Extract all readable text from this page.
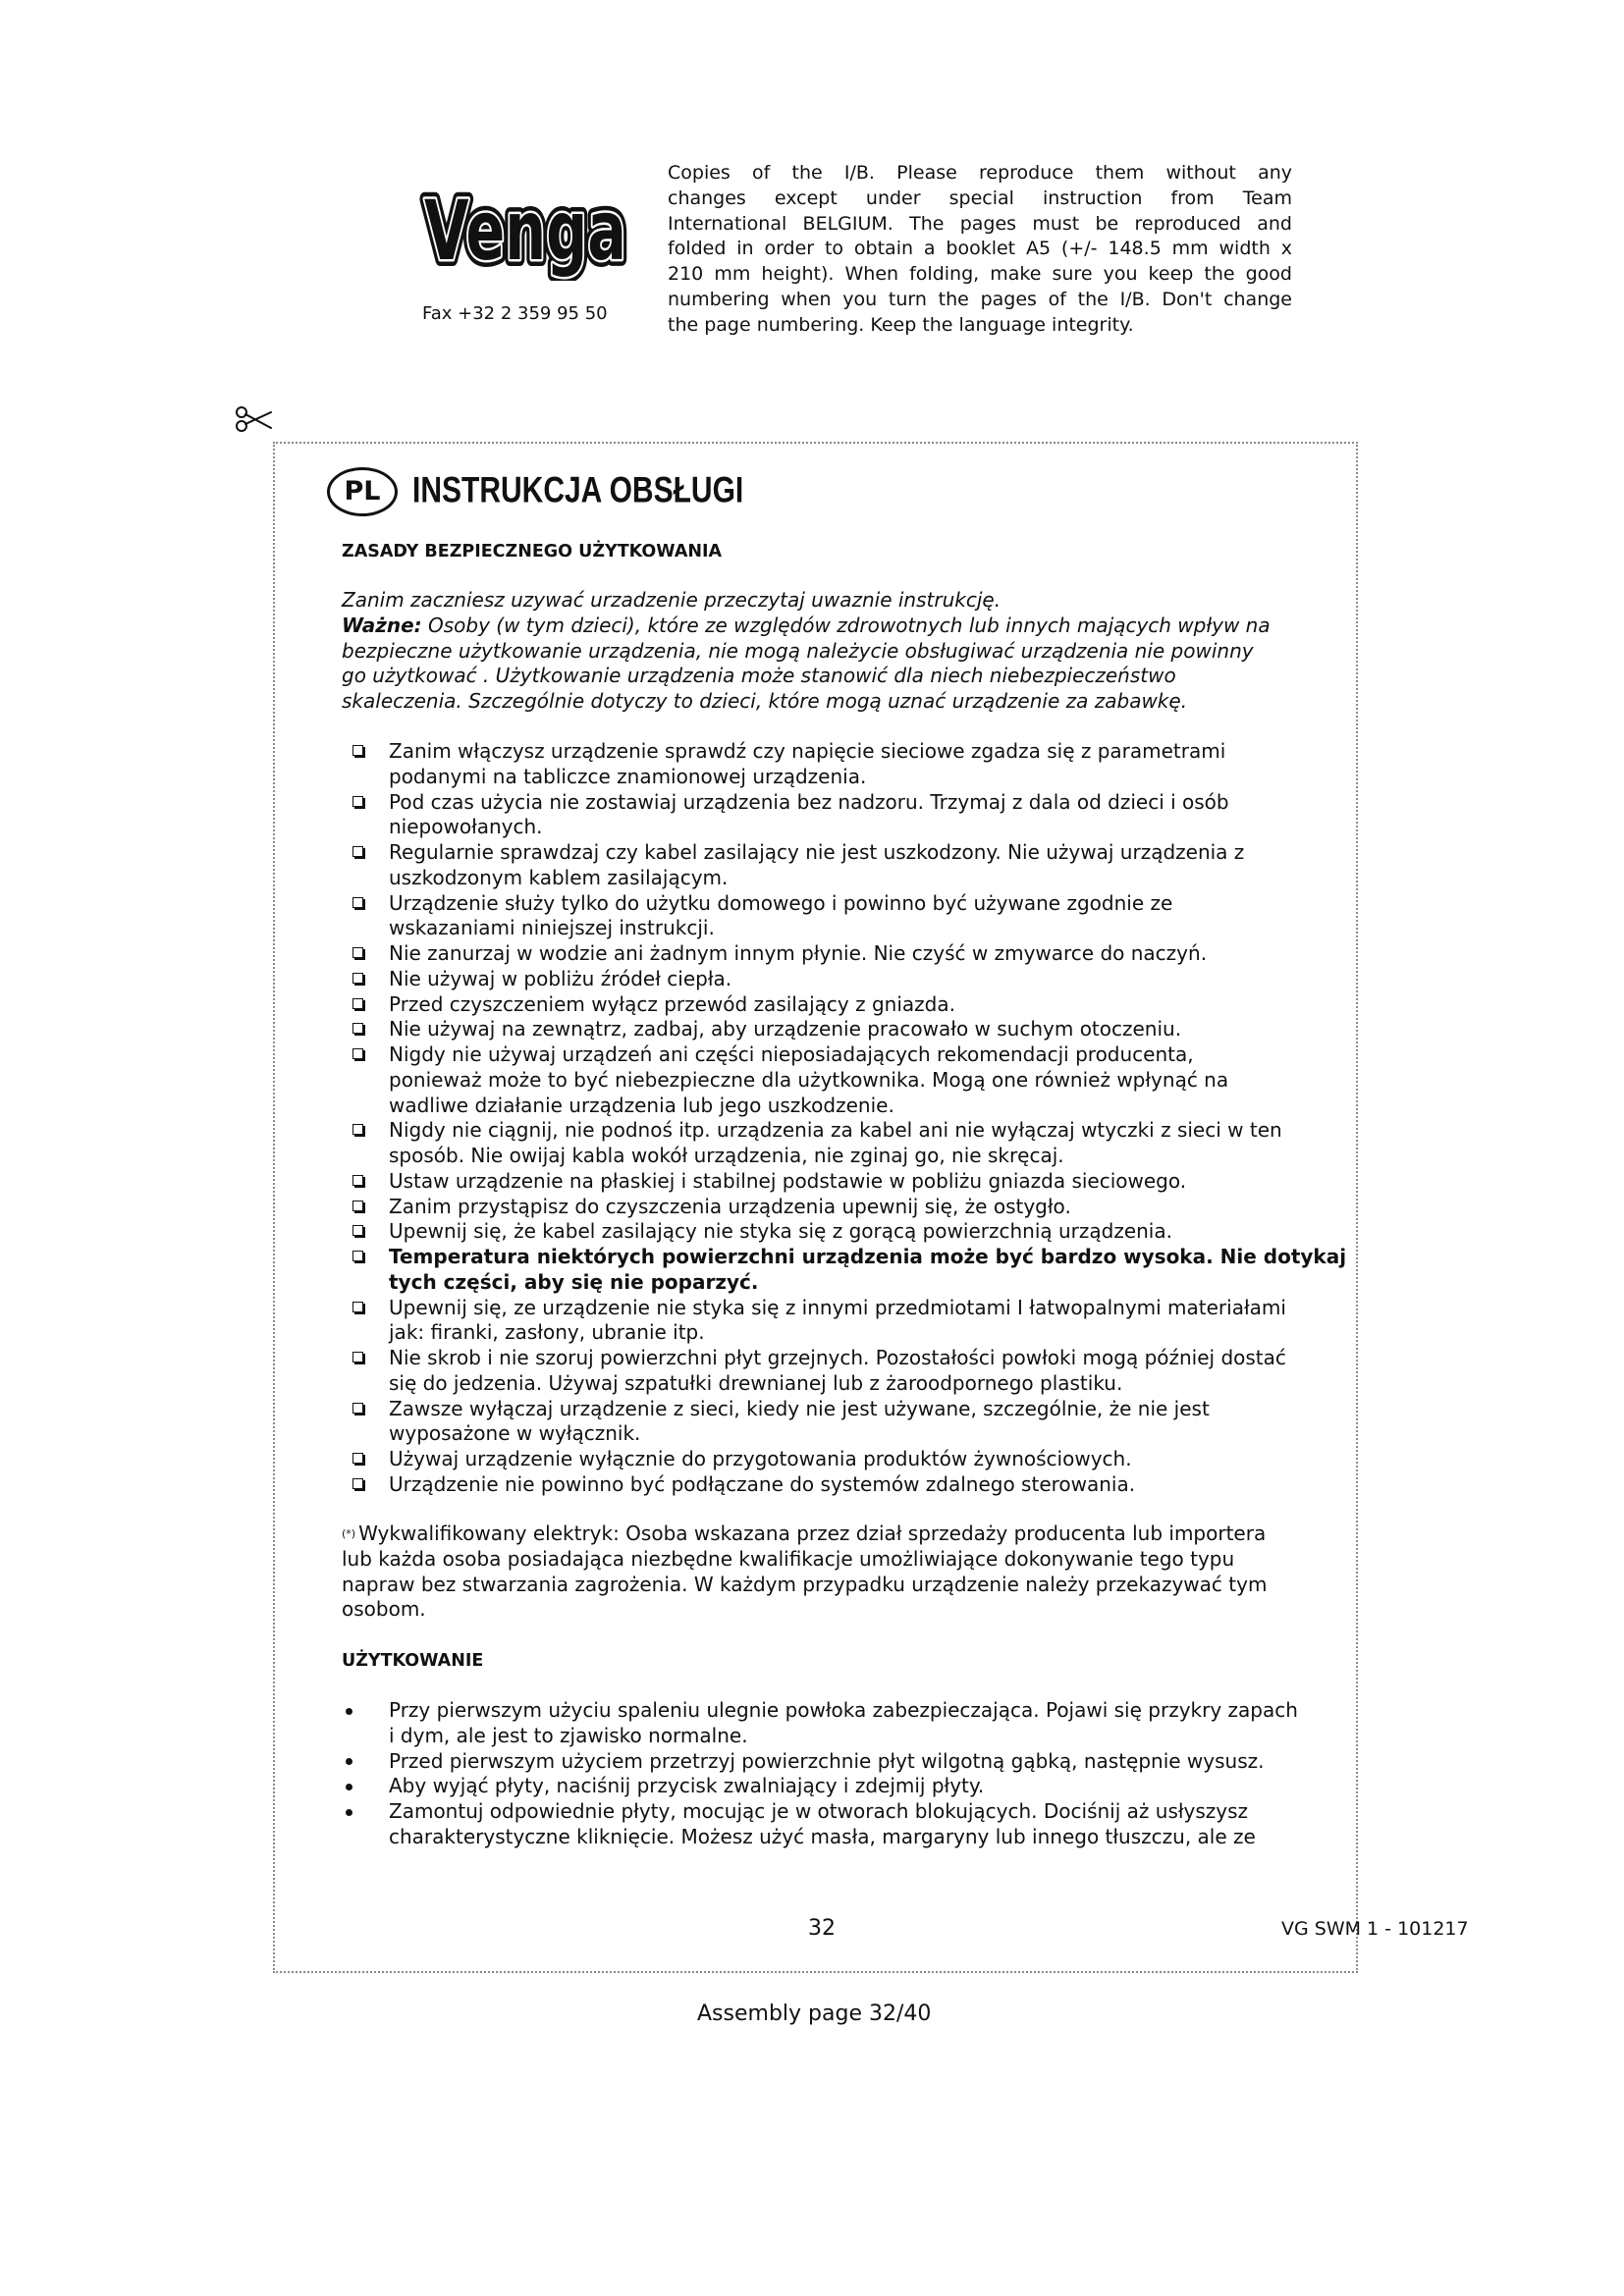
Venga
Venga
Venga
Fax +32 2 359 95 50
Copies of the I/B. Please reproduce them without any
changes except under special instruction from Team
International BELGIUM. The pages must be reproduced and
folded in order to obtain a booklet A5 (+/- 148.5 mm width x
210 mm height). When folding, make sure you keep the good
numbering when you turn the pages of the I/B. Don't change
the page numbering. Keep the language integrity.
PL	INSTRUKCJA OBSŁUGI
ZASADY BEZPIECZNEGO UŻYTKOWANIA
Zanim zaczniesz uzywać urzadzenie przeczytaj uwaznie instrukcję.
Ważne: Osoby (w tym dzieci), które ze względów zdrowotnych lub innych mających wpływ na
bezpieczne użytkowanie urządzenia, nie mogą należycie obsługiwać urządzenia nie powinny
go użytkować . Użytkowanie urządzenia może stanowić dla niech niebezpieczeństwo
skaleczenia. Szczególnie dotyczy to dzieci, które mogą uznać urządzenie za zabawkę.
Zanim włączysz urządzenie sprawdź czy napięcie sieciowe zgadza się z parametrami
podanymi na tabliczce znamionowej urządzenia.
Pod czas użycia nie zostawiaj urządzenia bez nadzoru. Trzymaj z dala od dzieci i osób
niepowołanych.
Regularnie sprawdzaj czy kabel zasilający nie jest uszkodzony. Nie używaj urządzenia z
uszkodzonym kablem zasilającym.
Urządzenie służy tylko do użytku domowego i powinno być używane zgodnie ze
wskazaniami niniejszej instrukcji.
Nie zanurzaj w wodzie ani żadnym innym płynie. Nie czyść w zmywarce do naczyń.
Nie używaj w pobliżu źródeł ciepła.
Przed czyszczeniem wyłącz przewód zasilający z gniazda.
Nie używaj na zewnątrz, zadbaj, aby urządzenie pracowało w suchym otoczeniu.
Nigdy nie używaj urządzeń ani części nieposiadających rekomendacji producenta,
ponieważ może to być niebezpieczne dla użytkownika. Mogą one również wpłynąć na
wadliwe działanie urządzenia lub jego uszkodzenie.
Nigdy nie ciągnij, nie podnoś itp. urządzenia za kabel ani nie wyłączaj wtyczki z sieci w ten
sposób. Nie owijaj kabla wokół urządzenia, nie zginaj go, nie skręcaj.
Ustaw urządzenie na płaskiej i stabilnej podstawie w pobliżu gniazda sieciowego.
Zanim przystąpisz do czyszczenia urządzenia upewnij się, że ostygło.
Upewnij się, że kabel zasilający nie styka się z gorącą powierzchnią urządzenia.
Temperatura niektórych powierzchni urządzenia może być bardzo wysoka. Nie dotykaj
tych części, aby się nie poparzyć.
Upewnij się, ze urządzenie nie styka się z innymi przedmiotami I łatwopalnymi materiałami
jak: firanki, zasłony, ubranie itp.
Nie skrob i nie szoruj powierzchni płyt grzejnych. Pozostałości powłoki mogą później dostać
się do jedzenia. Używaj szpatułki drewnianej lub z żaroodpornego plastiku.
Zawsze wyłączaj urządzenie z sieci, kiedy nie jest używane, szczególnie, że nie jest
wyposażone w wyłącznik.
Używaj urządzenie wyłącznie do przygotowania produktów żywnościowych.
Urządzenie nie powinno być podłączane do systemów zdalnego sterowania.
(*) Wykwalifikowany elektryk: Osoba wskazana przez dział sprzedaży producenta lub importera
lub każda osoba posiadająca niezbędne kwalifikacje umożliwiające dokonywanie tego typu
napraw bez stwarzania zagrożenia. W każdym przypadku urządzenie należy przekazywać tym
osobom.
UŻYTKOWANIE
Przy pierwszym użyciu spaleniu ulegnie powłoka zabezpieczająca. Pojawi się przykry zapach
i dym, ale jest to zjawisko normalne.
Przed pierwszym użyciem przetrzyj powierzchnie płyt wilgotną gąbką, następnie wysusz.
Aby wyjąć płyty, naciśnij przycisk zwalniający i zdejmij płyty.
Zamontuj odpowiednie płyty, mocując je w otworach blokujących. Dociśnij aż usłyszysz
charakterystyczne kliknięcie. Możesz użyć masła, margaryny lub innego tłuszczu, ale ze
32	VG SWM 1 - 101217
Assembly page 32/40
